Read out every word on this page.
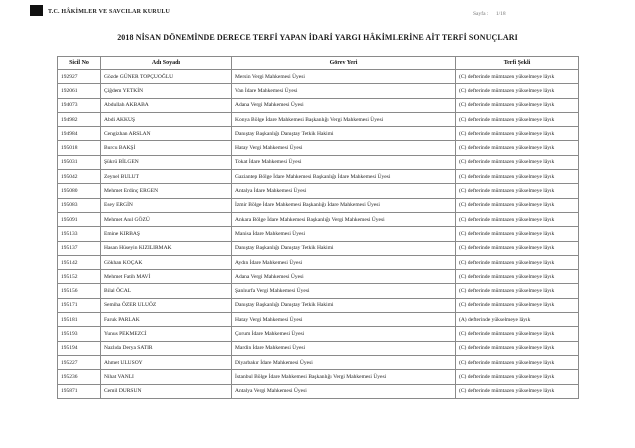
T.C. HÂKİMLER VE SAVCILAR KURULU	Sayfa : 1/18
2018 NİSAN DÖNEMİNDE DERECE TERFİ YAPAN İDARİ YARGI HÂKİMLERİNE AİT TERFİ SONUÇLARI
Sicil No	Adı Soyadı	Görev Yeri	Terfi Şekli
192927	Gözde GÜNER TOPÇUOĞLU	Mersin Vergi Mahkemesi Üyesi	(C) defterinde mümtazen yükselmeye lâyık
192061	Çiğdem YETKİN	Van İdare Mahkemesi Üyesi	(C) defterinde mümtazen yükselmeye lâyık
194073	Abdullah AKBABA	Adana Vergi Mahkemesi Üyesi	(C) defterinde mümtazen yükselmeye lâyık
194982	Abdi AKKUŞ	Konya Bölge İdare Mahkemesi Başkanlığı Vergi Mahkemesi Üyesi	(C) defterinde mümtazen yükselmeye lâyık
194984	Cengizhan ARSLAN	Danıştay Başkanlığı Danıştay Tetkik Hakimi	(C) defterinde mümtazen yükselmeye lâyık
195018	Burcu BAKŞİ	Hatay Vergi Mahkemesi Üyesi	(C) defterinde mümtazen yükselmeye lâyık
195031	Şükrü BİLGEN	Tokat İdare Mahkemesi Üyesi	(C) defterinde mümtazen yükselmeye lâyık
195042	Zeynel BULUT	Gaziantep Bölge İdare Mahkemesi Başkanlığı İdare Mahkemesi Üyesi	(C) defterinde mümtazen yükselmeye lâyık
195080	Mehmet Erdinç ERGEN	Antalya İdare Mahkemesi Üyesi	(C) defterinde mümtazen yükselmeye lâyık
195083	Esey ERGİN	İzmir Bölge İdare Mahkemesi Başkanlığı İdare Mahkemesi Üyesi	(C) defterinde mümtazen yükselmeye lâyık
195091	Mehmet Anıl GÖZÜ	Ankara Bölge İdare Mahkemesi Başkanlığı Vergi Mahkemesi Üyesi	(C) defterinde mümtazen yükselmeye lâyık
195133	Emine KIRBAŞ	Manisa İdare Mahkemesi Üyesi	(C) defterinde mümtazen yükselmeye lâyık
195137	Hasan Hüseyin KIZILIRMAK	Danıştay Başkanlığı Danıştay Tetkik Hakimi	(C) defterinde mümtazen yükselmeye lâyık
195142	Gökhan KOÇAK	Aydın İdare Mahkemesi Üyesi	(C) defterinde mümtazen yükselmeye lâyık
195152	Mehmet Fatih MAVİ	Adana Vergi Mahkemesi Üyesi	(C) defterinde mümtazen yükselmeye lâyık
195156	Bilal ÖCAL	Şanlıurfa Vergi Mahkemesi Üyesi	(C) defterinde mümtazen yükselmeye lâyık
195171	Semiha ÖZER ULUÖZ	Danıştay Başkanlığı Danıştay Tetkik Hakimi	(C) defterinde mümtazen yükselmeye lâyık
195181	Faruk PARLAK	Hatay Vergi Mahkemesi Üyesi	(A) defterinde yükselmeye lâyık
195193	Yunus PEKMEZCİ	Çorum İdare Mahkemesi Üyesi	(C) defterinde mümtazen yükselmeye lâyık
195194	Nazlıda Derya SATIR	Mardin İdare Mahkemesi Üyesi	(C) defterinde mümtazen yükselmeye lâyık
195227	Ahmet ULUSOY	Diyarbakır İdare Mahkemesi Üyesi	(C) defterinde mümtazen yükselmeye lâyık
195236	Nihat VANLI	İstanbul Bölge İdare Mahkemesi Başkanlığı Vergi Mahkemesi Üyesi	(C) defterinde mümtazen yükselmeye lâyık
195871	Cemil DURSUN	Antalya Vergi Mahkemesi Üyesi	(C) defterinde mümtazen yükselmeye lâyık
